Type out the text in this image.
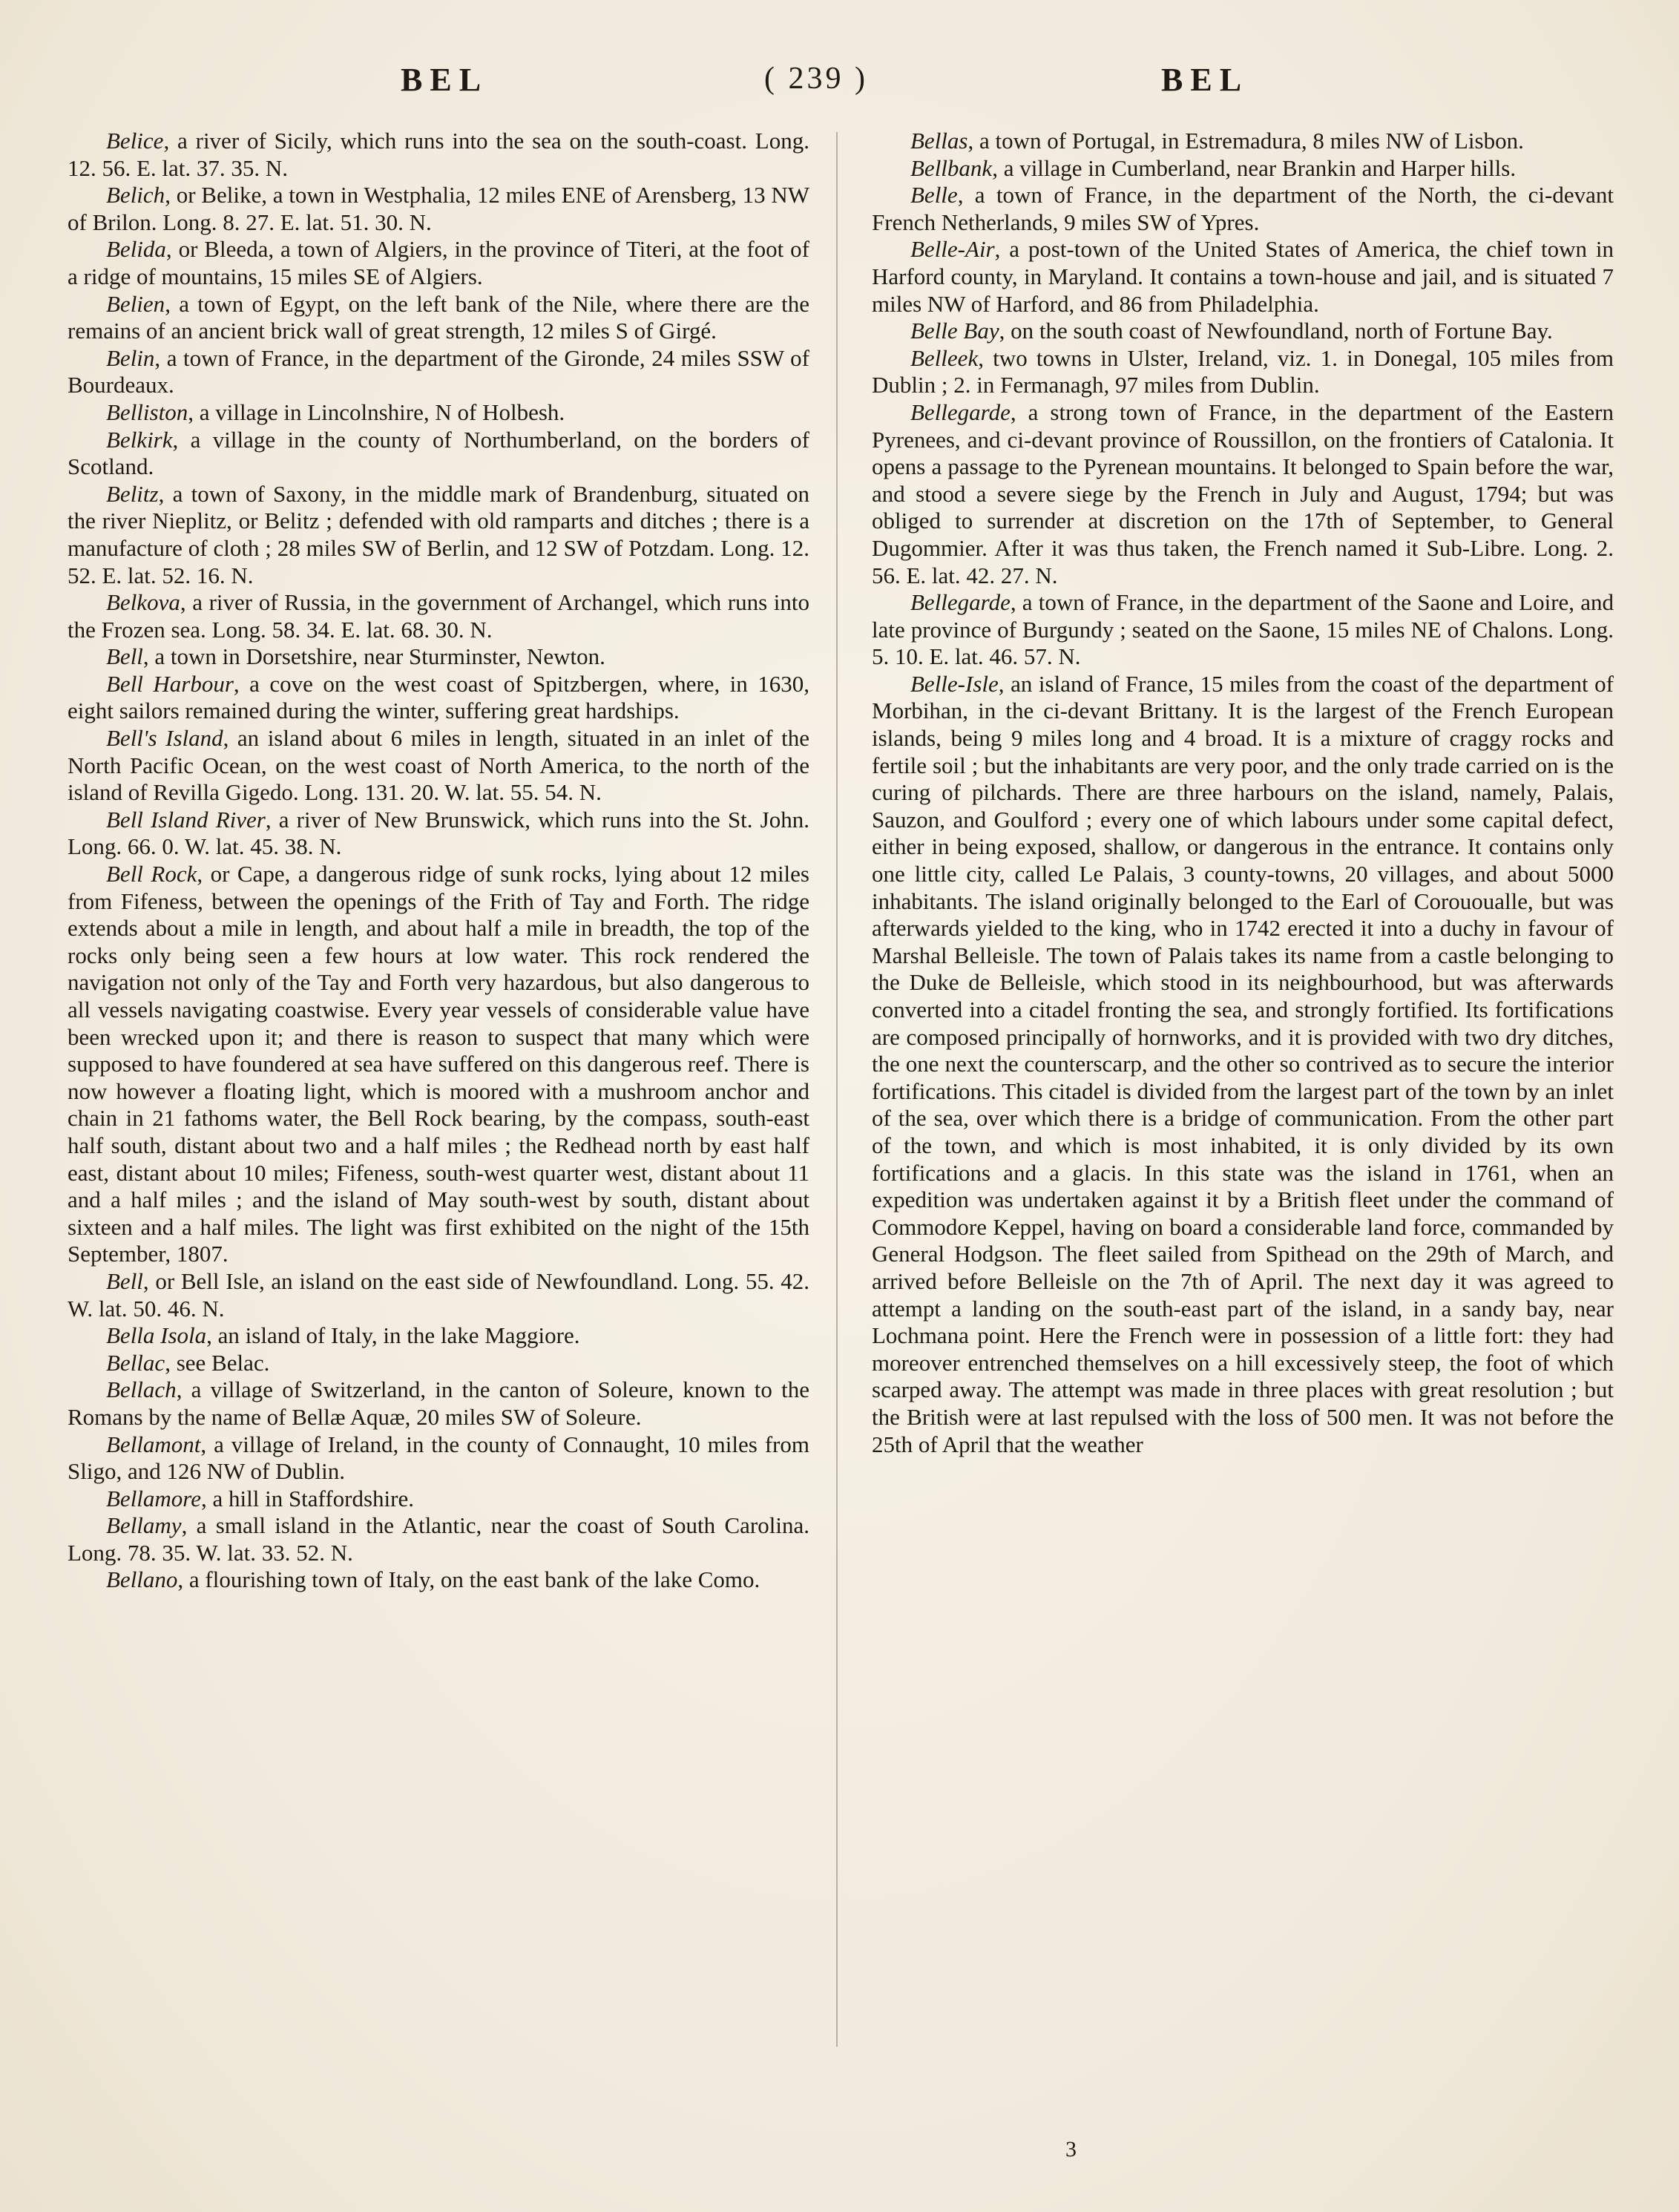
BEL	( 239 )	BEL

Belice, a river of Sicily, which runs into the sea on the south-coast. Long. 12. 56. E. lat. 37. 35. N.

Belich, or Belike, a town in Westphalia, 12 miles ENE of Arensberg, 13 NW of Brilon. Long. 8. 27. E. lat. 51. 30. N.

Belida, or Bleeda, a town of Algiers, in the province of Titeri, at the foot of a ridge of mountains, 15 miles SE of Algiers.

Belien, a town of Egypt, on the left bank of the Nile, where there are the remains of an ancient brick wall of great strength, 12 miles S of Girgé.

Belin, a town of France, in the department of the Gironde, 24 miles SSW of Bourdeaux.

Belliston, a village in Lincolnshire, N of Holbesh.

Belkirk, a village in the county of Northumberland, on the borders of Scotland.

Belitz, a town of Saxony, in the middle mark of Brandenburg, situated on the river Nieplitz, or Belitz ; defended with old ramparts and ditches ; there is a manufacture of cloth ; 28 miles SW of Berlin, and 12 SW of Potzdam. Long. 12. 52. E. lat. 52. 16. N.

Belkova, a river of Russia, in the government of Archangel, which runs into the Frozen sea. Long. 58. 34. E. lat. 68. 30. N.

Bell, a town in Dorsetshire, near Sturminster, Newton.

Bell Harbour, a cove on the west coast of Spitzbergen, where, in 1630, eight sailors remained during the winter, suffering great hardships.

Bell's Island, an island about 6 miles in length, situated in an inlet of the North Pacific Ocean, on the west coast of North America, to the north of the island of Revilla Gigedo. Long. 131. 20. W. lat. 55. 54. N.

Bell Island River, a river of New Brunswick, which runs into the St. John. Long. 66. 0. W. lat. 45. 38. N.

Bell Rock, or Cape, a dangerous ridge of sunk rocks, lying about 12 miles from Fifeness, between the openings of the Frith of Tay and Forth. The ridge extends about a mile in length, and about half a mile in breadth, the top of the rocks only being seen a few hours at low water. This rock rendered the navigation not only of the Tay and Forth very hazardous, but also dangerous to all vessels navigating coastwise. Every year vessels of considerable value have been wrecked upon it; and there is reason to suspect that many which were supposed to have foundered at sea have suffered on this dangerous reef. There is now however a floating light, which is moored with a mushroom anchor and chain in 21 fathoms water, the Bell Rock bearing, by the compass, south-east half south, distant about two and a half miles ; the Redhead north by east half east, distant about 10 miles; Fifeness, south-west quarter west, distant about 11 and a half miles ; and the island of May south-west by south, distant about sixteen and a half miles. The light was first exhibited on the night of the 15th September, 1807.

Bell, or Bell Isle, an island on the east side of Newfoundland. Long. 55. 42. W. lat. 50. 46. N.

Bella Isola, an island of Italy, in the lake Maggiore.

Bellac, see Belac.

Bellach, a village of Switzerland, in the canton of Soleure, known to the Romans by the name of Bellæ Aquæ, 20 miles SW of Soleure.

Bellamont, a village of Ireland, in the county of Connaught, 10 miles from Sligo, and 126 NW of Dublin.

Bellamore, a hill in Staffordshire.

Bellamy, a small island in the Atlantic, near the coast of South Carolina. Long. 78. 35. W. lat. 33. 52. N.

Bellano, a flourishing town of Italy, on the east bank of the lake Como.

Bellas, a town of Portugal, in Estremadura, 8 miles NW of Lisbon.

Bellbank, a village in Cumberland, near Brankin and Harper hills.

Belle, a town of France, in the department of the North, the ci-devant French Netherlands, 9 miles SW of Ypres.

Belle-Air, a post-town of the United States of America, the chief town in Harford county, in Maryland. It contains a town-house and jail, and is situated 7 miles NW of Harford, and 86 from Philadelphia.

Belle Bay, on the south coast of Newfoundland, north of Fortune Bay.

Belleek, two towns in Ulster, Ireland, viz. 1. in Donegal, 105 miles from Dublin ; 2. in Fermanagh, 97 miles from Dublin.

Bellegarde, a strong town of France, in the department of the Eastern Pyrenees, and ci-devant province of Roussillon, on the frontiers of Catalonia. It opens a passage to the Pyrenean mountains. It belonged to Spain before the war, and stood a severe siege by the French in July and August, 1794; but was obliged to surrender at discretion on the 17th of September, to General Dugommier. After it was thus taken, the French named it Sub-Libre. Long. 2. 56. E. lat. 42. 27. N.

Bellegarde, a town of France, in the department of the Saone and Loire, and late province of Burgundy ; seated on the Saone, 15 miles NE of Chalons. Long. 5. 10. E. lat. 46. 57. N.

Belle-Isle, an island of France, 15 miles from the coast of the department of Morbihan, in the ci-devant Brittany. It is the largest of the French European islands, being 9 miles long and 4 broad. It is a mixture of craggy rocks and fertile soil ; but the inhabitants are very poor, and the only trade carried on is the curing of pilchards. There are three harbours on the island, namely, Palais, Sauzon, and Goulford ; every one of which labours under some capital defect, either in being exposed, shallow, or dangerous in the entrance. It contains only one little city, called Le Palais, 3 county-towns, 20 villages, and about 5000 inhabitants. The island originally belonged to the Earl of Corououalle, but was afterwards yielded to the king, who in 1742 erected it into a duchy in favour of Marshal Belleisle. The town of Palais takes its name from a castle belonging to the Duke de Belleisle, which stood in its neighbourhood, but was afterwards converted into a citadel fronting the sea, and strongly fortified. Its fortifications are composed principally of hornworks, and it is provided with two dry ditches, the one next the counterscarp, and the other so contrived as to secure the interior fortifications. This citadel is divided from the largest part of the town by an inlet of the sea, over which there is a bridge of communication. From the other part of the town, and which is most inhabited, it is only divided by its own fortifications and a glacis. In this state was the island in 1761, when an expedition was undertaken against it by a British fleet under the command of Commodore Keppel, having on board a considerable land force, commanded by General Hodgson. The fleet sailed from Spithead on the 29th of March, and arrived before Belleisle on the 7th of April. The next day it was agreed to attempt a landing on the south-east part of the island, in a sandy bay, near Lochmana point. Here the French were in possession of a little fort: they had moreover entrenched themselves on a hill excessively steep, the foot of which scarped away. The attempt was made in three places with great resolution ; but the British were at last repulsed with the loss of 500 men. It was not before the 25th of April that the weather

3
